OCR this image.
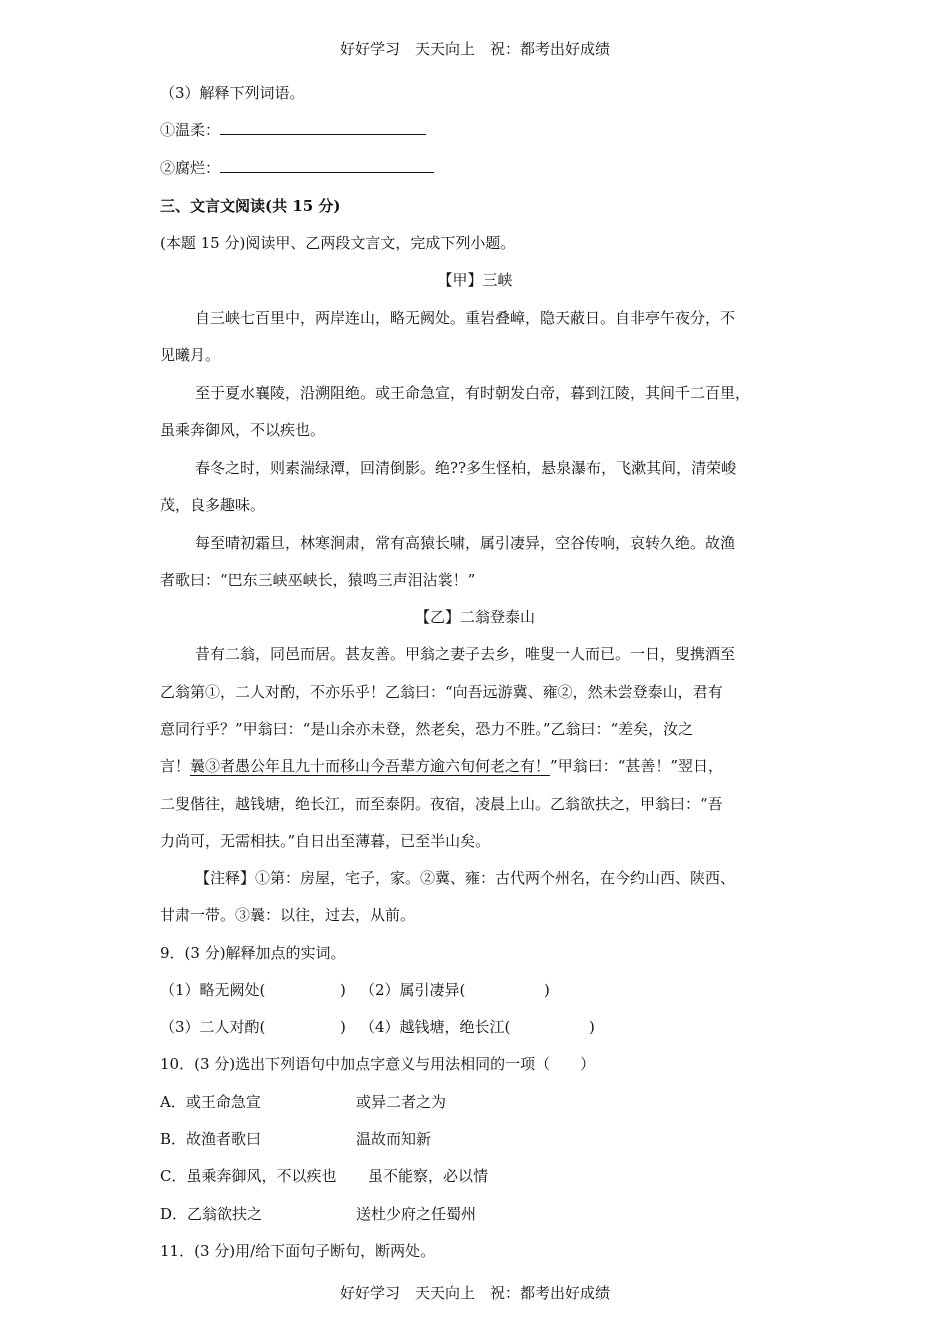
好好学习　天天向上　祝：都考出好成绩
（3）解释下列词语。
①温柔：
②腐烂：
三、文言文阅读(共 15 分)
(本题 15 分)阅读甲、乙两段文言文，完成下列小题。
【甲】三峡
自三峡七百里中，两岸连山，略无阙处。重岩叠嶂，隐天蔽日。自非亭午夜分，不
见曦月。
至于夏水襄陵，沿溯阻绝。或王命急宣，有时朝发白帝，暮到江陵，其间千二百里，
虽乘奔御风，不以疾也。
春冬之时，则素湍绿潭，回清倒影。绝??多生怪柏，悬泉瀑布，飞漱其间，清荣峻
茂，良多趣味。
每至晴初霜旦，林寒涧肃，常有高猿长啸，属引凄异，空谷传响，哀转久绝。故渔
者歌曰：“巴东三峡巫峡长，猿鸣三声泪沾裳！”
【乙】二翁登泰山
昔有二翁，同邑而居。甚友善。甲翁之妻子去乡，唯叟一人而已。一日，叟携酒至
乙翁第①，二人对酌，不亦乐乎！乙翁曰：“向吾远游冀、雍②，然未尝登泰山，君有
意同行乎？”甲翁曰：“是山余亦未登，然老矣，恐力不胜。”乙翁曰：“差矣，汝之
言！曩③者愚公年且九十而移山今吾辈方逾六旬何老之有！”甲翁曰：“甚善！”翌日，
二叟偕往，越钱塘，绝长江，而至泰阴。夜宿，凌晨上山。乙翁欲扶之，甲翁曰：“吾
力尚可，无需相扶。”自日出至薄暮，已至半山矣。
【注释】①第：房屋，宅子，家。②冀、雍：古代两个州名，在今约山西、陕西、
甘肃一带。③曩：以往，过去，从前。
9．(3 分)解释加点的实词。
（1）略无阙处(	) （2）属引凄异(	)
（3）二人对酌(	) （4）越钱塘，绝长江(	)
10．(3 分)选出下列语句中加点字意义与用法相同的一项（　　）
A．或王命急宣	或异二者之为
B．故渔者歌曰	温故而知新
C．虽乘奔御风，不以疾也 虽不能察，必以情
D．乙翁欲扶之	送杜少府之任蜀州
11．(3 分)用/给下面句子断句，断两处。
好好学习　天天向上　祝：都考出好成绩
